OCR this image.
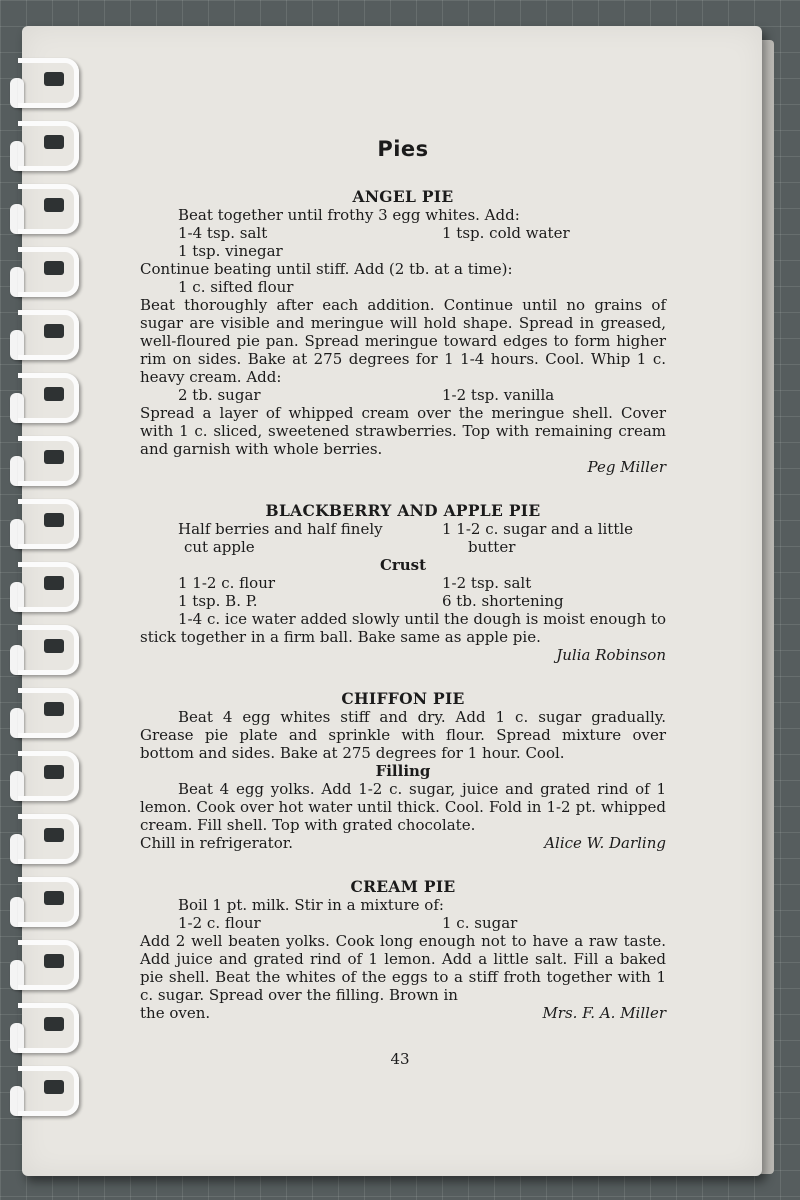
Pies
ANGEL PIE
Beat together until frothy 3 egg whites. Add:
1-4 tsp. salt	1 tsp. cold water
1 tsp. vinegar
Continue beating until stiff. Add (2 tb. at a time):
1 c. sifted flour
Beat thoroughly after each addition. Continue until no grains of sugar are visible and meringue will hold shape. Spread in greased, well-floured pie pan. Spread meringue toward edges to form higher rim on sides. Bake at 275 degrees for 1 1-4 hours. Cool. Whip 1 c. heavy cream. Add:
2 tb. sugar	1-2 tsp. vanilla
Spread a layer of whipped cream over the meringue shell. Cover with 1 c. sliced, sweetened strawberries. Top with remaining cream and garnish with whole berries.
Peg Miller
BLACKBERRY AND APPLE PIE
Half berries and half finely	1 1-2 c. sugar and a little
cut apple	butter
Crust
1 1-2 c. flour	1-2 tsp. salt
1 tsp. B. P.	6 tb. shortening
1-4 c. ice water added slowly until the dough is moist enough to stick together in a firm ball. Bake same as apple pie.
Julia Robinson
CHIFFON PIE
Beat 4 egg whites stiff and dry. Add 1 c. sugar gradually. Grease pie plate and sprinkle with flour. Spread mixture over bottom and sides. Bake at 275 degrees for 1 hour. Cool.
Filling
Beat 4 egg yolks. Add 1-2 c. sugar, juice and grated rind of 1 lemon. Cook over hot water until thick. Cool. Fold in 1-2 pt. whipped cream. Fill shell. Top with grated chocolate.
Chill in refrigerator.	Alice W. Darling
CREAM PIE
Boil 1 pt. milk. Stir in a mixture of:
1-2 c. flour	1 c. sugar
Add 2 well beaten yolks. Cook long enough not to have a raw taste. Add juice and grated rind of 1 lemon. Add a little salt. Fill a baked pie shell. Beat the whites of the eggs to a stiff froth together with 1 c. sugar. Spread over the filling. Brown in
the oven.	Mrs. F. A. Miller
43
